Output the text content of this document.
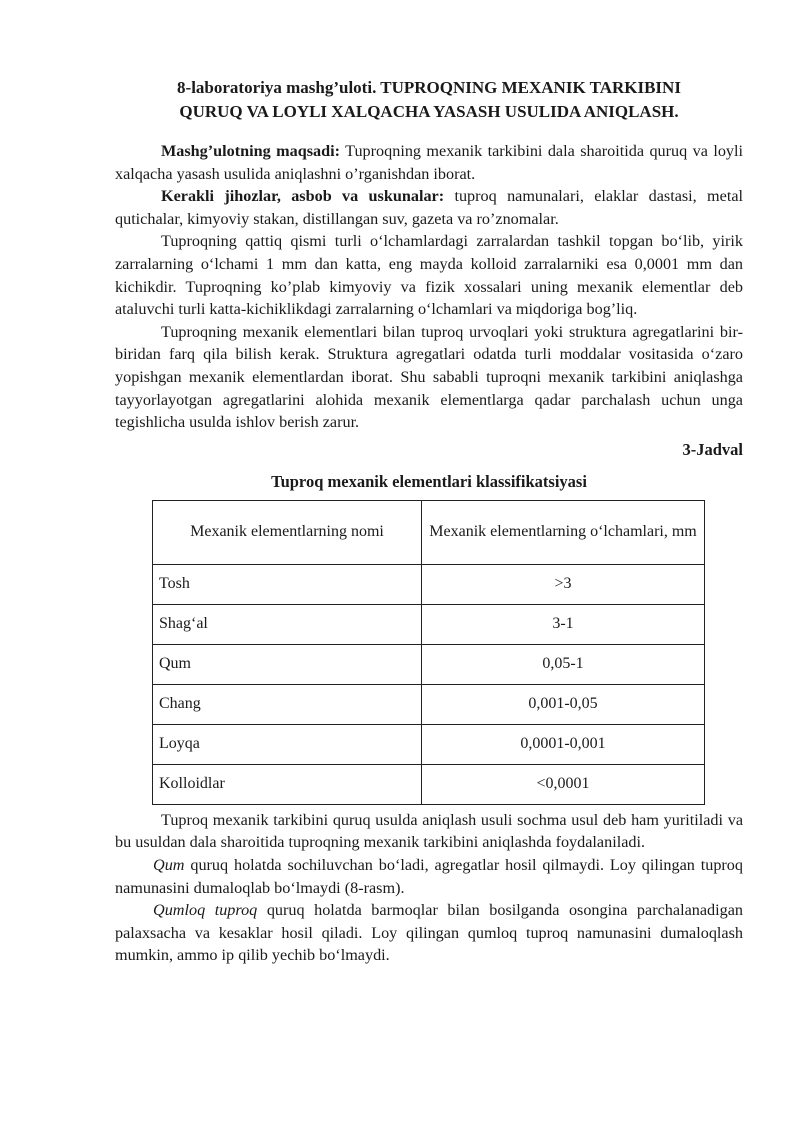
8-laboratoriya mashg’uloti. TUPROQNING MEXANIK TARKIBINI
QURUQ VA LOYLI XALQACHA YASASH USULIDA ANIQLASH.

Mashg’ulotning maqsadi: Tuproqning mexanik tarkibini dala sharoitida quruq va loyli xalqacha yasash usulida aniqlashni o’rganishdan iborat.

Kerakli jihozlar, asbob va uskunalar: tuproq namunalari, elaklar dastasi, metal qutichalar, kimyoviy stakan, distillangan suv, gazeta va ro’znomalar.

Tuproqning qattiq qismi turli o‘lchamlardagi zarralardan tashkil topgan bo‘lib, yirik zarralarning o‘lchami 1 mm dan katta, eng mayda kolloid zarralarniki esa 0,0001 mm dan kichikdir. Tuproqning ko’plab kimyoviy va fizik xossalari uning mexanik elementlar deb ataluvchi turli katta-kichiklikdagi zarralarning o‘lchamlari va miqdoriga bog’liq.

Tuproqning mexanik elementlari bilan tuproq urvoqlari yoki struktura agregatlarini bir-biridan farq qila bilish kerak. Struktura agregatlari odatda turli moddalar vositasida o‘zaro yopishgan mexanik elementlardan iborat. Shu sababli tuproqni mexanik tarkibini aniqlashga tayyorlayotgan agregatlarini alohida mexanik elementlarga qadar parchalash uchun unga tegishlicha usulda ishlov berish zarur.

3-Jadval
Tuproq mexanik elementlari klassifikatsiyasi
Mexanik elementlarning nomi	Mexanik elementlarning o‘lchamlari, mm
Tosh	>3
Shag‘al	3-1
Qum	0,05-1
Chang	0,001-0,05
Loyqa	0,0001-0,001
Kolloidlar	<0,0001

Tuproq mexanik tarkibini quruq usulda aniqlash usuli sochma usul deb ham yuritiladi va bu usuldan dala sharoitida tuproqning mexanik tarkibini aniqlashda foydalaniladi.

Qum quruq holatda sochiluvchan bo‘ladi, agregatlar hosil qilmaydi. Loy qilingan tuproq namunasini dumaloqlab bo‘lmaydi (8-rasm).

Qumloq tuproq quruq holatda barmoqlar bilan bosilganda osongina parchalanadigan palaxsacha va kesaklar hosil qiladi. Loy qilingan qumloq tuproq namunasini dumaloqlash mumkin, ammo ip qilib yechib bo‘lmaydi.
